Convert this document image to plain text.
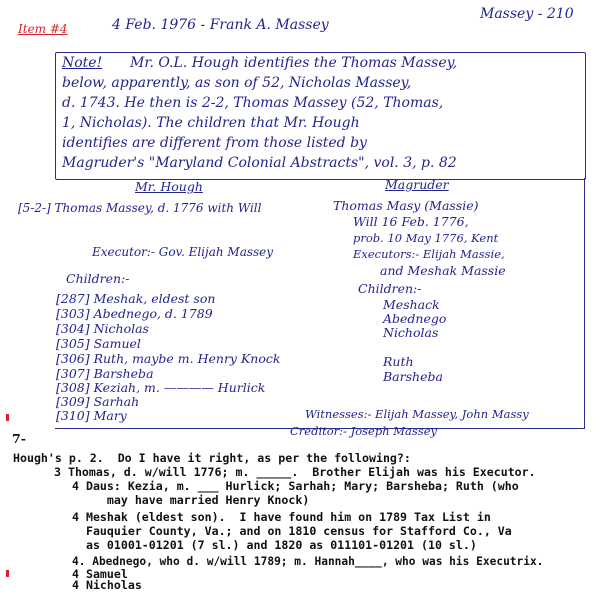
Item #4	4 Feb. 1976 - Frank A. Massey
Massey - 210
Note! Mr. O.L. Hough identifies the Thomas Massey,
below, apparently, as son of 52, Nicholas Massey,
d. 1743. He then is 2-2, Thomas Massey (52, Thomas,
1, Nicholas). The children that Mr. Hough
identifies are different from those listed by
Magruder's "Maryland Colonial Abstracts", vol. 3, p. 82
Mr. Hough	Magruder
[5-2-] Thomas Massey, d. 1776 with Will
Executor:- Gov. Elijah Massey
Children:-
[287] Meshak, eldest son
[303] Abednego, d. 1789
[304] Nicholas
[305] Samuel
[306] Ruth, maybe m. Henry Knock
[307] Barsheba
[308] Keziah, m. ———— Hurlick
[309] Sarhah
[310] Mary
Thomas Masy (Massie)
Will 16 Feb. 1776,
prob. 10 May 1776, Kent
Executors:- Elijah Massie,
and Meshak Massie
Children:-
Meshack
Abednego
Nicholas
Ruth
Barsheba
Witnesses:- Elijah Massey, John Massy
Creditor:- Joseph Massey
7-
Hough's p. 2.  Do I have it right, as per the following?:
3 Thomas, d. w/will 1776; m. _____.  Brother Elijah was his Executor.
4 Daus: Kezia, m. ___ Hurlick; Sarhah; Mary; Barsheba; Ruth (who
may have married Henry Knock)
4 Meshak (eldest son).  I have found him on 1789 Tax List in
Fauquier County, Va.; and on 1810 census for Stafford Co., Va
as 01001-01201 (7 sl.) and 1820 as 011101-01201 (10 sl.)
4. Abednego, who d. w/will 1789; m. Hannah____, who was his Executrix.
4 Samuel
4 Nicholas
